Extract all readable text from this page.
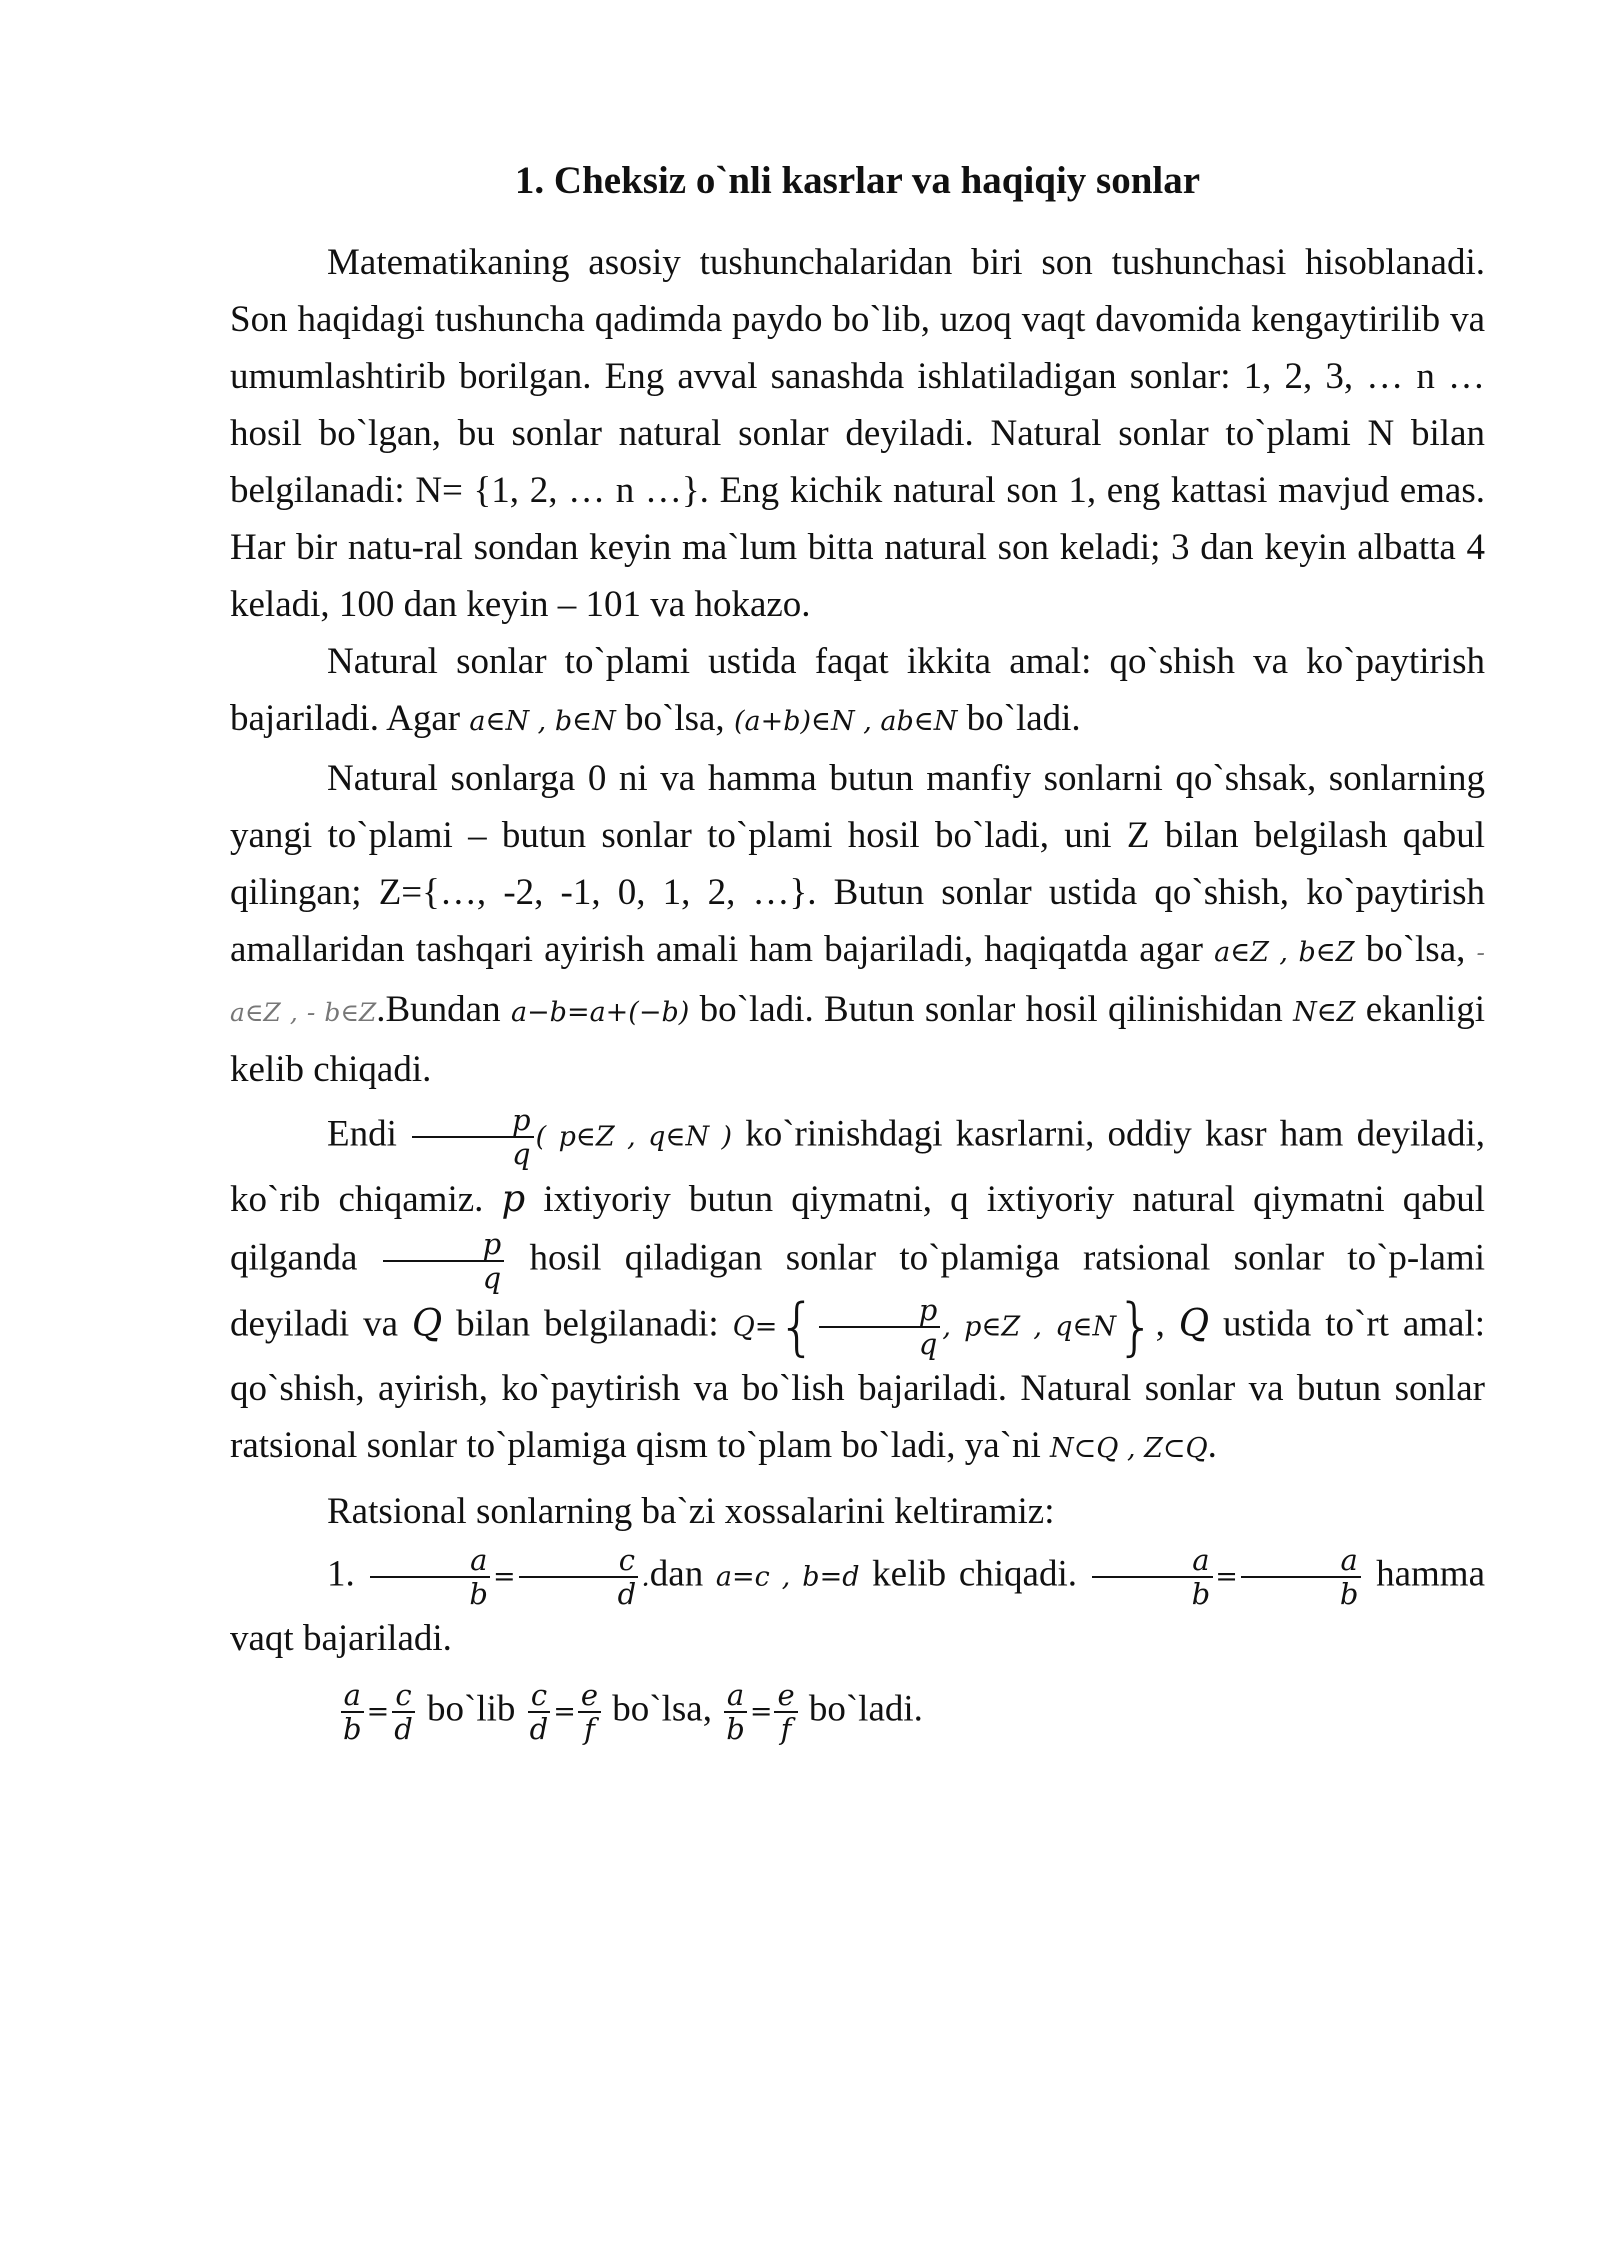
1. Cheksiz o`nli kasrlar va haqiqiy sonlar

Matematikaning asosiy tushunchalaridan biri son tushunchasi hisoblanadi. Son haqidagi tushuncha qadimda paydo bo`lib, uzoq vaqt davomida kengaytirilib va umumlashtirib borilgan. Eng avval sanashda ishlatiladigan sonlar: 1, 2, 3, … n … hosil bo`lgan, bu sonlar natural sonlar deyiladi. Natural sonlar to`plami N bilan belgilanadi: N= {1, 2, … n …}. Eng kichik natural son 1, eng kattasi mavjud emas. Har bir natu-ral sondan keyin ma`lum bitta natural son keladi; 3 dan keyin albatta 4 keladi, 100 dan keyin – 101 va hokazo.

Natural sonlar to`plami ustida faqat ikkita amal: qo`shish va ko`paytirish bajariladi. Agar a∈N , b∈N bo`lsa, (a+b)∈N , ab∈N bo`ladi.

Natural sonlarga 0 ni va hamma butun manfiy sonlarni qo`shsak, sonlarning yangi to`plami – butun sonlar to`plami hosil bo`ladi, uni Z bilan belgilash qabul qilingan; Z={…, -2, -1, 0, 1, 2, …}. Butun sonlar ustida qo`shish, ko`paytirish amallaridan tashqari ayirish amali ham bajariladi, haqiqatda agar a∈Z , b∈Z bo`lsa, - a∈Z , - b∈Z.Bundan a−b=a+(−b) bo`ladi. Butun sonlar hosil qilinishidan N∈Z ekanligi kelib chiqadi.

Endi $\frac{p}{q}$ ( p∈Z , q∈N ) ko`rinishdagi kasrlarni, oddiy kasr ham deyiladi, ko`rib chiqamiz. p ixtiyoriy butun qiymatni, q ixtiyoriy natural qiymatni qabul qilganda $\frac{p}{q}$ hosil qiladigan sonlar to`plamiga ratsional sonlar to`p-lami deyiladi va Q bilan belgilanadi: $Q=\{ \frac{p}{q}$ , p∈Z , q∈N}, Q ustida to`rt amal: qo`shish, ayirish, ko`paytirish va bo`lish bajariladi. Natural sonlar va butun sonlar ratsional sonlar to`plamiga qism to`plam bo`ladi, ya`ni N⊂Q , Z⊂Q.

Ratsional sonlarning ba`zi xossalarini keltiramiz:

1. $\frac{a}{b} = \frac{c}{d} .dan$ a=c , b=d kelib chiqadi. $\frac{a}{b} = \frac{a}{b}$ hamma vaqt bajariladi.

$\frac{a}{b} = \frac{c}{d}$ bo`lib $\frac{c}{d} = \frac{e}{f}$ bo`lsa, $\frac{a}{b} = \frac{e}{f}$ bo`ladi.
